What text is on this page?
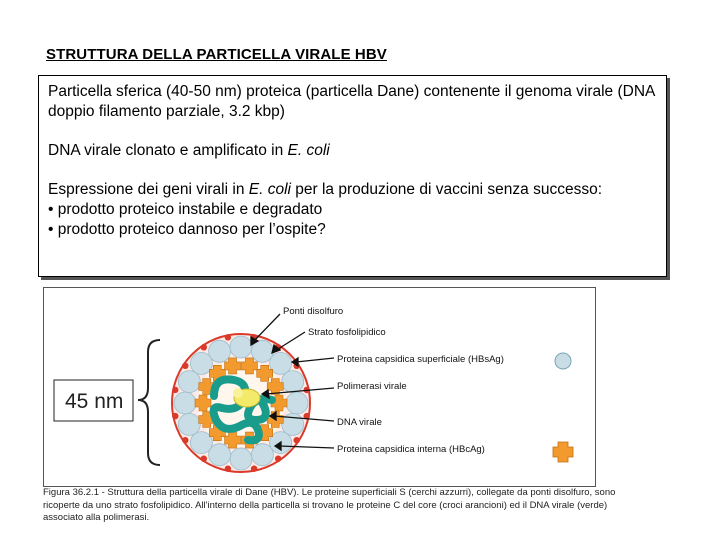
STRUTTURA DELLA PARTICELLA VIRALE HBV

Particella sferica (40-50 nm) proteica (particella Dane) contenente il genoma virale (DNA doppio filamento parziale, 3.2 kbp)

DNA virale clonato e amplificato in E. coli

Espressione dei geni virali in E. coli per la produzione di vaccini senza successo:

• prodotto proteico instabile e degradato

• prodotto proteico dannoso per l’ospite?

45 nm
Ponti disolfuro
Strato fosfolipidico
Proteina capsidica superficiale (HBsAg)
Polimerasi virale
DNA virale
Proteina capsidica interna (HBcAg)
Figura 36.2.1 - Struttura della particella virale di Dane (HBV). Le proteine superficiali S (cerchi azzurri), collegate da ponti disolfuro, sono ricoperte da uno strato fosfolipidico. All'interno della particella si trovano le proteine C del core (croci arancioni) ed il DNA virale (verde) associato alla polimerasi.
